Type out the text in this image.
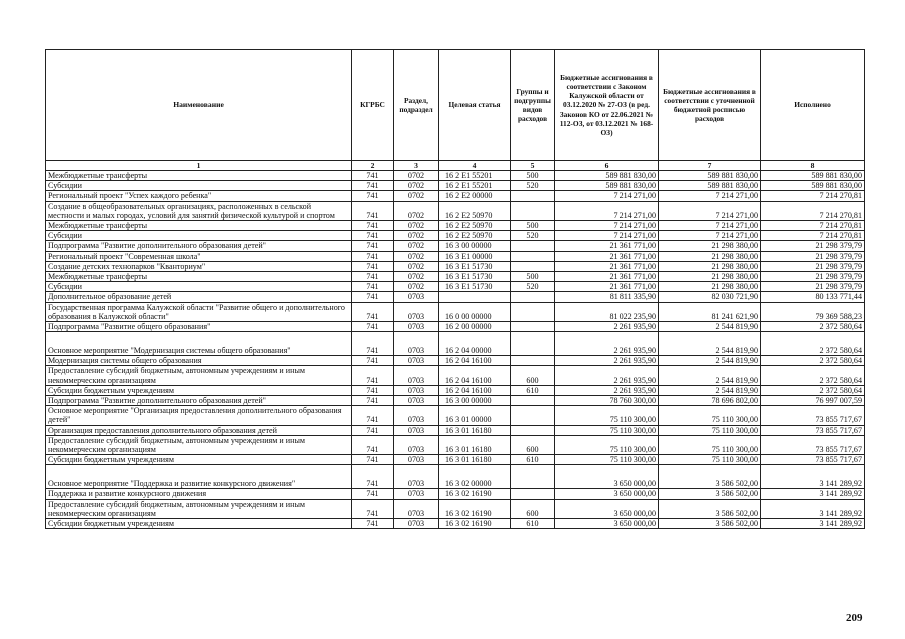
Наименование	КГРБС	Раздел, подраздел	Целевая статья	Группы и подгруппы видов расходов	Бюджетные ассигнования в соответствии с Законом Калужской области от 03.12.2020 № 27-ОЗ (в ред. Законов КО от 22.06.2021 № 112-ОЗ, от 03.12.2021 № 168-ОЗ)	Бюджетные ассигнования в соответствии с уточненной бюджетной росписью расходов	Исполнено
1	2	3	4	5	6	7	8
Межбюджетные трансферты	741	0702	16 2 E1 55201	500	589 881 830,00	589 881 830,00	589 881 830,00
Субсидии	741	0702	16 2 E1 55201	520	589 881 830,00	589 881 830,00	589 881 830,00
Региональный проект "Успех каждого ребенка"	741	0702	16 2 E2 00000		7 214 271,00	7 214 271,00	7 214 270,81
Создание в общеобразовательных организациях, расположенных в сельской местности и малых городах, условий для занятий физической культурой и спортом	741	0702	16 2 E2 50970		7 214 271,00	7 214 271,00	7 214 270,81
Межбюджетные трансферты	741	0702	16 2 E2 50970	500	7 214 271,00	7 214 271,00	7 214 270,81
Субсидии	741	0702	16 2 E2 50970	520	7 214 271,00	7 214 271,00	7 214 270,81
Подпрограмма "Развитие дополнительного образования детей"	741	0702	16 3 00 00000		21 361 771,00	21 298 380,00	21 298 379,79
Региональный проект "Современная школа"	741	0702	16 3 E1 00000		21 361 771,00	21 298 380,00	21 298 379,79
Создание детских технопарков "Кванториум"	741	0702	16 3 E1 51730		21 361 771,00	21 298 380,00	21 298 379,79
Межбюджетные трансферты	741	0702	16 3 E1 51730	500	21 361 771,00	21 298 380,00	21 298 379,79
Субсидии	741	0702	16 3 E1 51730	520	21 361 771,00	21 298 380,00	21 298 379,79
Дополнительное образование детей	741	0703			81 811 335,90	82 030 721,90	80 133 771,44
Государственная программа Калужской области "Развитие общего и дополнительного образования в Калужской области"	741	0703	16 0 00 00000		81 022 235,90	81 241 621,90	79 369 588,23
Подпрограмма "Развитие общего образования"	741	0703	16 2 00 00000		2 261 935,90	2 544 819,90	2 372 580,64
Основное мероприятие "Модернизация системы общего образования"	741	0703	16 2 04 00000		2 261 935,90	2 544 819,90	2 372 580,64
Модернизация системы общего образования	741	0703	16 2 04 16100		2 261 935,90	2 544 819,90	2 372 580,64
Предоставление субсидий бюджетным, автономным учреждениям и иным некоммерческим организациям	741	0703	16 2 04 16100	600	2 261 935,90	2 544 819,90	2 372 580,64
Субсидии бюджетным учреждениям	741	0703	16 2 04 16100	610	2 261 935,90	2 544 819,90	2 372 580,64
Подпрограмма "Развитие дополнительного образования детей"	741	0703	16 3 00 00000		78 760 300,00	78 696 802,00	76 997 007,59
Основное мероприятие "Организация предоставления дополнительного образования детей"	741	0703	16 3 01 00000		75 110 300,00	75 110 300,00	73 855 717,67
Организация предоставления дополнительного образования детей	741	0703	16 3 01 16180		75 110 300,00	75 110 300,00	73 855 717,67
Предоставление субсидий бюджетным, автономным учреждениям и иным некоммерческим организациям	741	0703	16 3 01 16180	600	75 110 300,00	75 110 300,00	73 855 717,67
Субсидии бюджетным учреждениям	741	0703	16 3 01 16180	610	75 110 300,00	75 110 300,00	73 855 717,67
Основное мероприятие "Поддержка и развитие конкурсного движения"	741	0703	16 3 02 00000		3 650 000,00	3 586 502,00	3 141 289,92
Поддержка и развитие конкурсного движения	741	0703	16 3 02 16190		3 650 000,00	3 586 502,00	3 141 289,92
Предоставление субсидий бюджетным, автономным учреждениям и иным некоммерческим организациям	741	0703	16 3 02 16190	600	3 650 000,00	3 586 502,00	3 141 289,92
Субсидии бюджетным учреждениям	741	0703	16 3 02 16190	610	3 650 000,00	3 586 502,00	3 141 289,92
209
